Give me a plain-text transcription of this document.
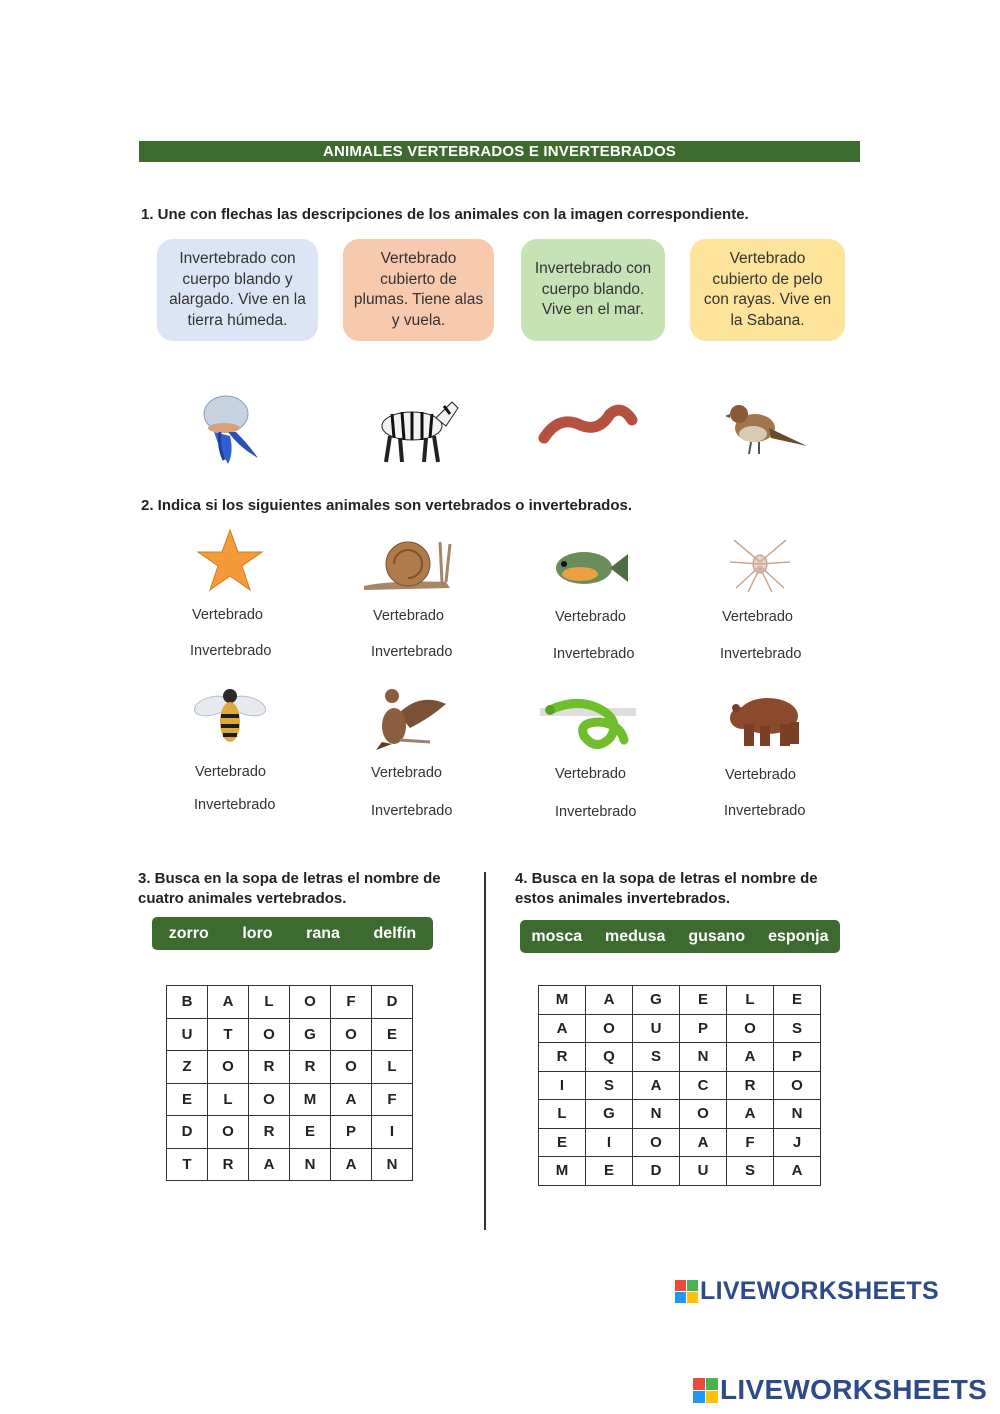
ANIMALES VERTEBRADOS E INVERTEBRADOS
1. Une con flechas las descripciones de los animales con la imagen correspondiente.
Invertebrado con cuerpo blando y alargado. Vive en la tierra húmeda.
Vertebrado cubierto de plumas. Tiene alas y vuela.
Invertebrado con cuerpo blando. Vive en el mar.
Vertebrado cubierto de pelo con rayas. Vive en la Sabana.
2. Indica si los siguientes animales son vertebrados o invertebrados.
Vertebrado
Invertebrado
Vertebrado
Invertebrado
Vertebrado
Invertebrado
Vertebrado
Invertebrado
Vertebrado
Invertebrado
Vertebrado
Invertebrado
Vertebrado
Invertebrado
Vertebrado
Invertebrado
3. Busca en la sopa de letras el nombre de cuatro animales vertebrados.
zorro loro rana delfín
B	A	L	O	F	D
U	T	O	G	O	E
Z	O	R	R	O	L
E	L	O	M	A	F
D	O	R	E	P	I
T	R	A	N	A	N
4. Busca en la sopa de letras el nombre de estos animales invertebrados.
mosca medusa gusano esponja
M	A	G	E	L	E
A	O	U	P	O	S
R	Q	S	N	A	P
I	S	A	C	R	O
L	G	N	O	A	N
E	I	O	A	F	J
M	E	D	U	S	A
LIVEWORKSHEETS
LIVEWORKSHEETS
